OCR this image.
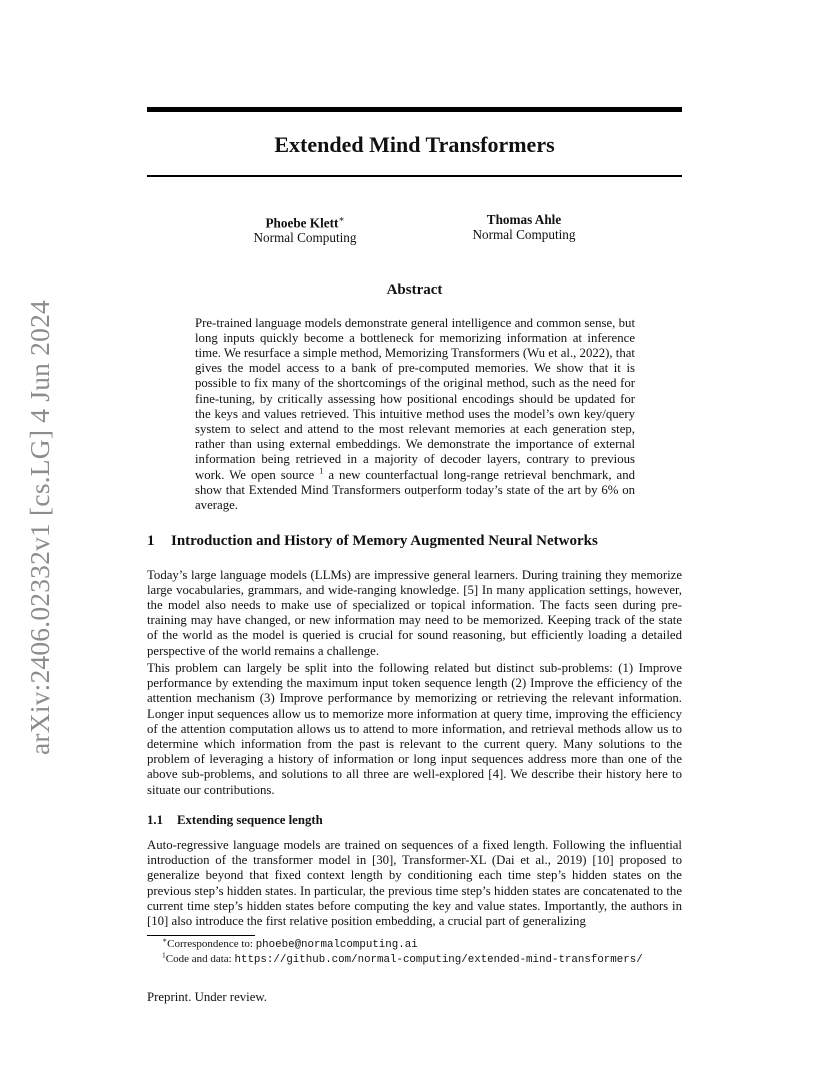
arXiv:2406.02332v1 [cs.LG] 4 Jun 2024
Extended Mind Transformers
Phoebe Klett∗
Normal Computing
Thomas Ahle
Normal Computing
Abstract
Pre-trained language models demonstrate general intelligence and common sense, but long inputs quickly become a bottleneck for memorizing information at inference time. We resurface a simple method, Memorizing Transformers (Wu et al., 2022), that gives the model access to a bank of pre-computed memories. We show that it is possible to fix many of the shortcomings of the original method, such as the need for fine-tuning, by critically assessing how positional encodings should be updated for the keys and values retrieved. This intuitive method uses the model’s own key/query system to select and attend to the most relevant memories at each generation step, rather than using external embeddings. We demonstrate the importance of external information being retrieved in a majority of decoder layers, contrary to previous work. We open source $^1$ a new counterfactual long-range retrieval benchmark, and show that Extended Mind Transformers outperform today’s state of the art by 6% on average.
1 Introduction and History of Memory Augmented Neural Networks
Today’s large language models (LLMs) are impressive general learners. During training they memorize large vocabularies, grammars, and wide-ranging knowledge. [5] In many application settings, however, the model also needs to make use of specialized or topical information. The facts seen during pre-training may have changed, or new information may need to be memorized. Keeping track of the state of the world as the model is queried is crucial for sound reasoning, but efficiently loading a detailed perspective of the world remains a challenge.
This problem can largely be split into the following related but distinct sub-problems: (1) Improve performance by extending the maximum input token sequence length (2) Improve the efficiency of the attention mechanism (3) Improve performance by memorizing or retrieving the relevant information. Longer input sequences allow us to memorize more information at query time, improving the efficiency of the attention computation allows us to attend to more information, and retrieval methods allow us to determine which information from the past is relevant to the current query. Many solutions to the problem of leveraging a history of information or long input sequences address more than one of the above sub-problems, and solutions to all three are well-explored [4]. We describe their history here to situate our contributions.
1.1 Extending sequence length
Auto-regressive language models are trained on sequences of a fixed length. Following the influential introduction of the transformer model in [30], Transformer-XL (Dai et al., 2019) [10] proposed to generalize beyond that fixed context length by conditioning each time step’s hidden states on the previous step’s hidden states. In particular, the previous time step’s hidden states are concatenated to the current time step’s hidden states before computing the key and value states. Importantly, the authors in [10] also introduce the first relative position embedding, a crucial part of generalizing
∗Correspondence to: phoebe@normalcomputing.ai
$^1$Code and data: https://github.com/normal-computing/extended-mind-transformers/
Preprint. Under review.
